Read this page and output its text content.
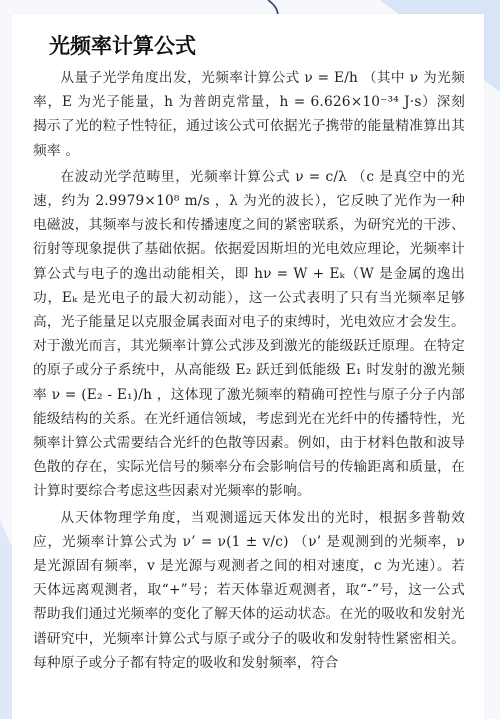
光频率计算公式

从量子光学角度出发，光频率计算公式 ν = E/h （其中 ν 为光频率，E 为光子能量，h 为普朗克常量，h = 6.626×10⁻³⁴ J·s）深刻揭示了光的粒子性特征，通过该公式可依据光子携带的能量精准算出其频率 。

在波动光学范畴里，光频率计算公式 ν = c/λ （c 是真空中的光速，约为 2.9979×10⁸ m/s ，λ 为光的波长），它反映了光作为一种电磁波，其频率与波长和传播速度之间的紧密联系，为研究光的干涉、衍射等现象提供了基础依据。依据爱因斯坦的光电效应理论，光频率计算公式与电子的逸出动能相关，即 hν = W + Eₖ（W 是金属的逸出功，Eₖ 是光电子的最大初动能），这一公式表明了只有当光频率足够高，光子能量足以克服金属表面对电子的束缚时，光电效应才会发生。对于激光而言，其光频率计算公式涉及到激光的能级跃迁原理。在特定的原子或分子系统中，从高能级 E₂ 跃迁到低能级 E₁ 时发射的激光频率 ν = (E₂ - E₁)/h ，这体现了激光频率的精确可控性与原子分子内部能级结构的关系。在光纤通信领域，考虑到光在光纤中的传播特性，光频率计算公式需要结合光纤的色散等因素。例如，由于材料色散和波导色散的存在，实际光信号的频率分布会影响信号的传输距离和质量，在计算时要综合考虑这些因素对光频率的影响。

从天体物理学角度，当观测遥远天体发出的光时，根据多普勒效应，光频率计算公式为 ν’ = ν(1 ± v/c) （ν’ 是观测到的光频率，ν 是光源固有频率，v 是光源与观测者之间的相对速度，c 为光速）。若天体远离观测者，取“+”号；若天体靠近观测者，取“-”号，这一公式帮助我们通过光频率的变化了解天体的运动状态。在光的吸收和发射光谱研究中，光频率计算公式与原子或分子的吸收和发射特性紧密相关。每种原子或分子都有特定的吸收和发射频率，符合
